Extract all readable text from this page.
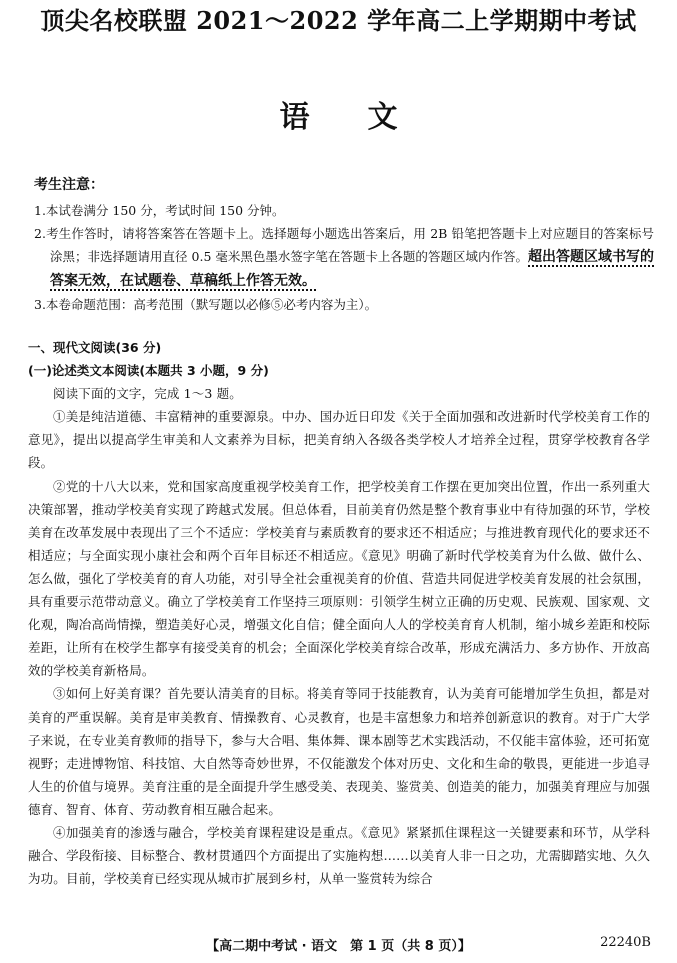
顶尖名校联盟 2021～2022 学年高二上学期期中考试
语文
考生注意：
1.本试卷满分 150 分，考试时间 150 分钟。
2.考生作答时，请将答案答在答题卡上。选择题每小题选出答案后，用 2B 铅笔把答题卡上对应题目的答案标号涂黑；非选择题请用直径 0.5 毫米黑色墨水签字笔在答题卡上各题的答题区域内作答。超出答题区域书写的答案无效，在试题卷、草稿纸上作答无效。
3.本卷命题范围：高考范围（默写题以必修⑤必考内容为主）。
一、现代文阅读(36 分)
(一)论述类文本阅读(本题共 3 小题，9 分)
阅读下面的文字，完成 1～3 题。
①美是纯洁道德、丰富精神的重要源泉。中办、国办近日印发《关于全面加强和改进新时代学校美育工作的意见》，提出以提高学生审美和人文素养为目标，把美育纳入各级各类学校人才培养全过程，贯穿学校教育各学段。
②党的十八大以来，党和国家高度重视学校美育工作，把学校美育工作摆在更加突出位置，作出一系列重大决策部署，推动学校美育实现了跨越式发展。但总体看，目前美育仍然是整个教育事业中有待加强的环节，学校美育在改革发展中表现出了三个不适应：学校美育与素质教育的要求还不相适应；与推进教育现代化的要求还不相适应；与全面实现小康社会和两个百年目标还不相适应。《意见》明确了新时代学校美育为什么做、做什么、怎么做，强化了学校美育的育人功能，对引导全社会重视美育的价值、营造共同促进学校美育发展的社会氛围，具有重要示范带动意义。确立了学校美育工作坚持三项原则：引领学生树立正确的历史观、民族观、国家观、文化观，陶冶高尚情操，塑造美好心灵，增强文化自信；健全面向人人的学校美育育人机制，缩小城乡差距和校际差距，让所有在校学生都享有接受美育的机会；全面深化学校美育综合改革，形成充满活力、多方协作、开放高效的学校美育新格局。
③如何上好美育课？首先要认清美育的目标。将美育等同于技能教育，认为美育可能增加学生负担，都是对美育的严重误解。美育是审美教育、情操教育、心灵教育，也是丰富想象力和培养创新意识的教育。对于广大学子来说，在专业美育教师的指导下，参与大合唱、集体舞、课本剧等艺术实践活动，不仅能丰富体验，还可拓宽视野；走进博物馆、科技馆、大自然等奇妙世界，不仅能激发个体对历史、文化和生命的敬畏，更能进一步追寻人生的价值与境界。美育注重的是全面提升学生感受美、表现美、鉴赏美、创造美的能力，加强美育理应与加强德育、智育、体育、劳动教育相互融合起来。
④加强美育的渗透与融合，学校美育课程建设是重点。《意见》紧紧抓住课程这一关键要素和环节，从学科融合、学段衔接、目标整合、教材贯通四个方面提出了实施构想……以美育人非一日之功，尤需脚踏实地、久久为功。目前，学校美育已经实现从城市扩展到乡村，从单一鉴赏转为综合
【高二期中考试 · 语文　第 1 页（共 8 页）】	22240B
